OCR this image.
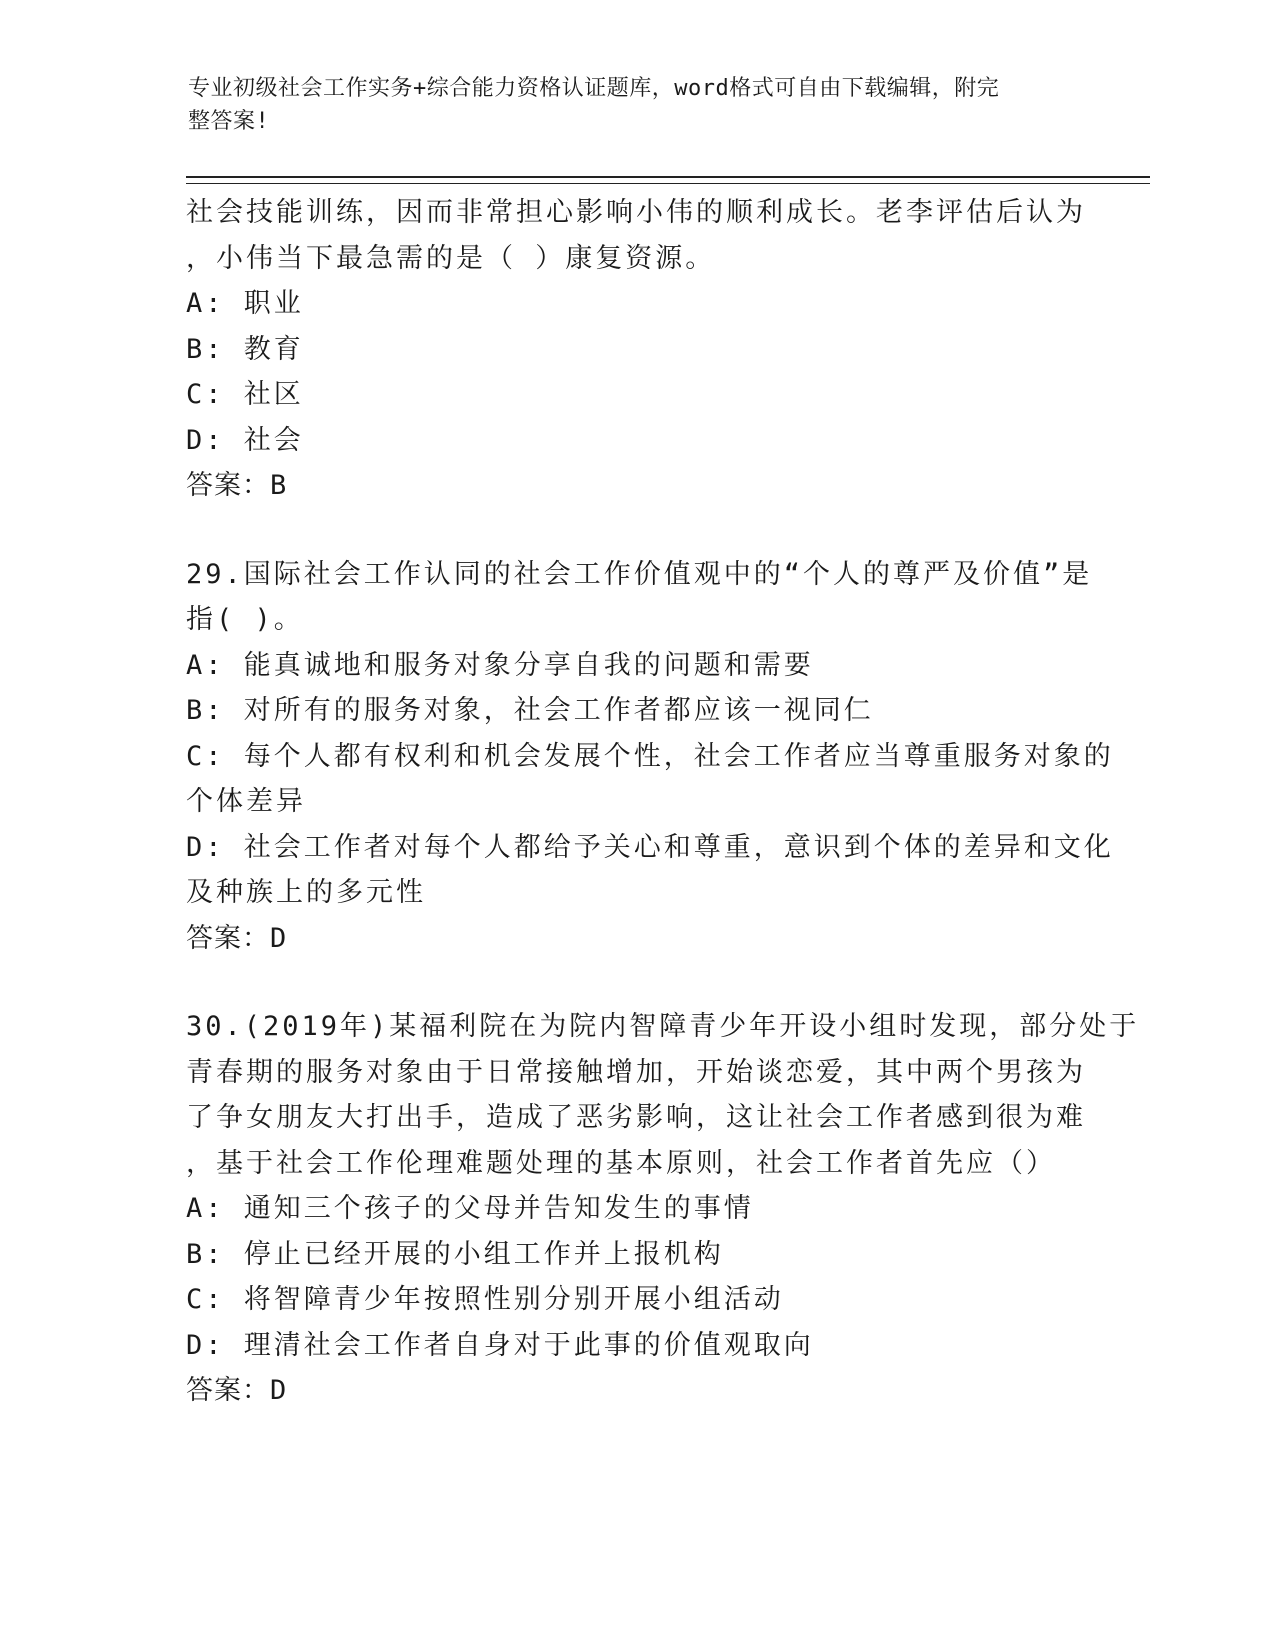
专业初级社会工作实务+综合能力资格认证题库，word格式可自由下载编辑，附完
整答案!
社会技能训练，因而非常担心影响小伟的顺利成长。老李评估后认为
，小伟当下最急需的是（ ）康复资源。
A: 职业
B: 教育
C: 社区
D: 社会
答案：B
29.国际社会工作认同的社会工作价值观中的“个人的尊严及价值”是
指( )。
A: 能真诚地和服务对象分享自我的问题和需要
B: 对所有的服务对象，社会工作者都应该一视同仁
C: 每个人都有权利和机会发展个性，社会工作者应当尊重服务对象的
个体差异
D: 社会工作者对每个人都给予关心和尊重，意识到个体的差异和文化
及种族上的多元性
答案：D
30.(2019年)某福利院在为院内智障青少年开设小组时发现，部分处于
青春期的服务对象由于日常接触增加，开始谈恋爱，其中两个男孩为
了争女朋友大打出手，造成了恶劣影响，这让社会工作者感到很为难
，基于社会工作伦理难题处理的基本原则，社会工作者首先应（）
A: 通知三个孩子的父母并告知发生的事情
B: 停止已经开展的小组工作并上报机构
C: 将智障青少年按照性别分别开展小组活动
D: 理清社会工作者自身对于此事的价值观取向
答案：D
